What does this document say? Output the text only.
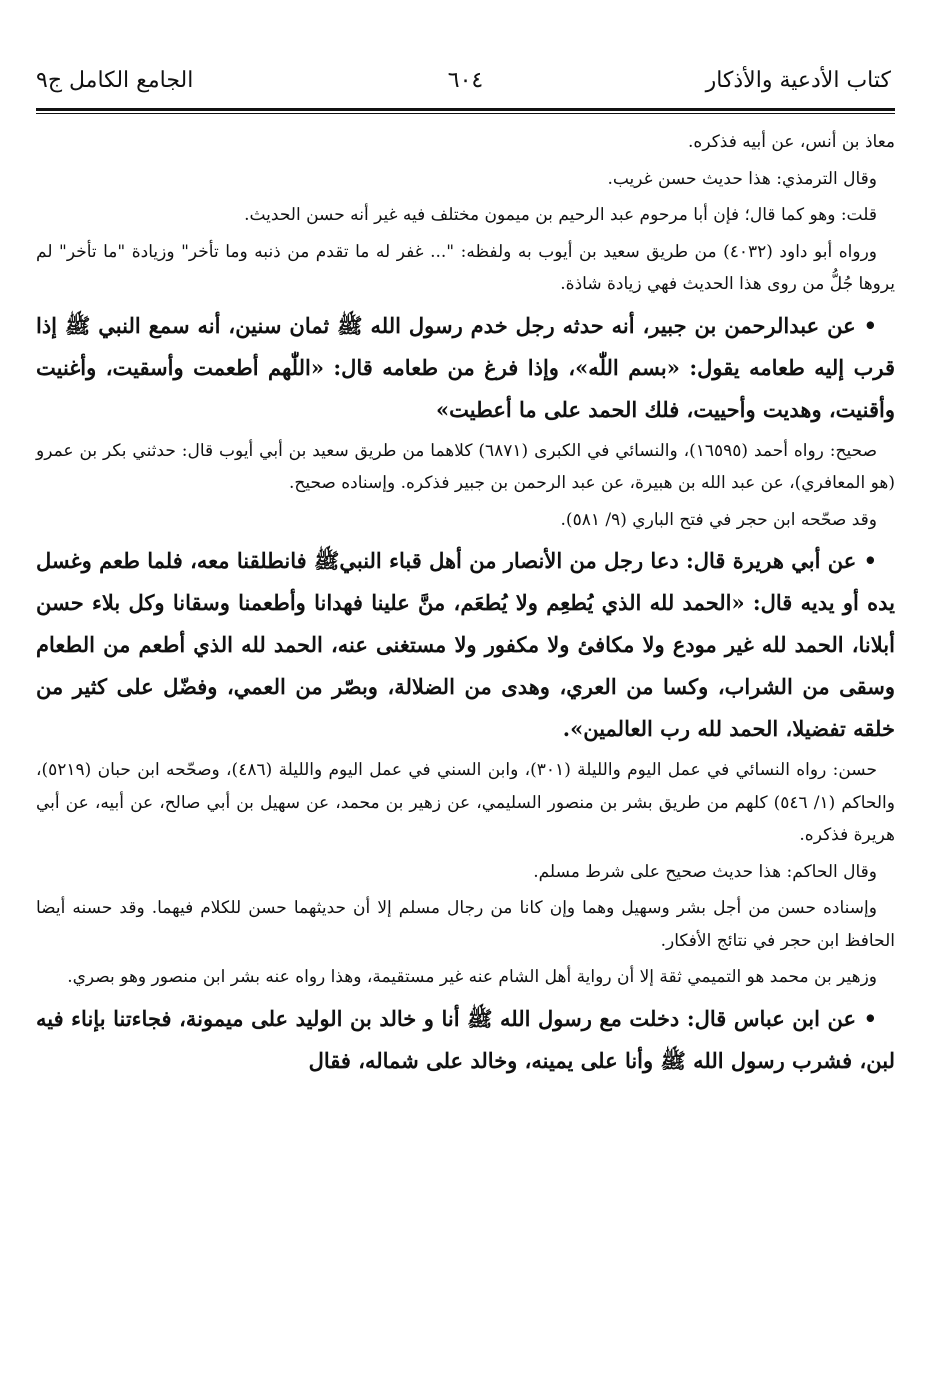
كتاب الأدعية والأذكار
٦٠٤
الجامع الكامل ج٩

معاذ بن أنس، عن أبيه فذكره.

وقال الترمذي: هذا حديث حسن غريب.

قلت: وهو كما قال؛ فإن أبا مرحوم عبد الرحيم بن ميمون مختلف فيه غير أنه حسن الحديث.

ورواه أبو داود (٤٠٣٢) من طريق سعيد بن أيوب به ولفظه: "... غفر له ما تقدم من ذنبه وما تأخر" وزيادة "ما تأخر" لم يروها جُلُّ من روى هذا الحديث فهي زيادة شاذة.

• عن عبدالرحمن بن جبير، أنه حدثه رجل خدم رسول الله ﷺ ثمان سنين، أنه سمع النبي ﷺ إذا قرب إليه طعامه يقول: «بسم اللّٰه»، وإذا فرغ من طعامه قال: «اللّٰهم أطعمت وأسقيت، وأغنيت وأقنيت، وهديت وأحييت، فلك الحمد على ما أعطيت»

صحيح: رواه أحمد (١٦٥٩٥)، والنسائي في الكبرى (٦٨٧١) كلاهما من طريق سعيد بن أبي أيوب قال: حدثني بكر بن عمرو (هو المعافري)، عن عبد الله بن هبيرة، عن عبد الرحمن بن جبير فذكره. وإسناده صحيح.

وقد صحّحه ابن حجر في فتح الباري (٩/ ٥٨١).

• عن أبي هريرة قال: دعا رجل من الأنصار من أهل قباء النبيﷺ فانطلقنا معه، فلما طعم وغسل يده أو يديه قال: «الحمد لله الذي يُطعِم ولا يُطعَم، منَّ علينا فهدانا وأطعمنا وسقانا وكل بلاء حسن أبلانا، الحمد لله غير مودع ولا مكافئ ولا مكفور ولا مستغنى عنه، الحمد لله الذي أطعم من الطعام وسقى من الشراب، وكسا من العري، وهدى من الضلالة، وبصّر من العمي، وفضّل على كثير من خلقه تفضيلا، الحمد لله رب العالمين».

حسن: رواه النسائي في عمل اليوم والليلة (٣٠١)، وابن السني في عمل اليوم والليلة (٤٨٦)، وصحّحه ابن حبان (٥٢١٩)، والحاكم (١/ ٥٤٦) كلهم من طريق بشر بن منصور السليمي، عن زهير بن محمد، عن سهيل بن أبي صالح، عن أبيه، عن أبي هريرة فذكره.

وقال الحاكم: هذا حديث صحيح على شرط مسلم.

وإسناده حسن من أجل بشر وسهيل وهما وإن كانا من رجال مسلم إلا أن حديثهما حسن للكلام فيهما. وقد حسنه أيضا الحافظ ابن حجر في نتائج الأفكار.

وزهير بن محمد هو التميمي ثقة إلا أن رواية أهل الشام عنه غير مستقيمة، وهذا رواه عنه بشر ابن منصور وهو بصري.

• عن ابن عباس قال: دخلت مع رسول الله ﷺ أنا و خالد بن الوليد على ميمونة، فجاءتنا بإناء فيه لبن، فشرب رسول الله ﷺ وأنا على يمينه، وخالد على شماله، فقال
